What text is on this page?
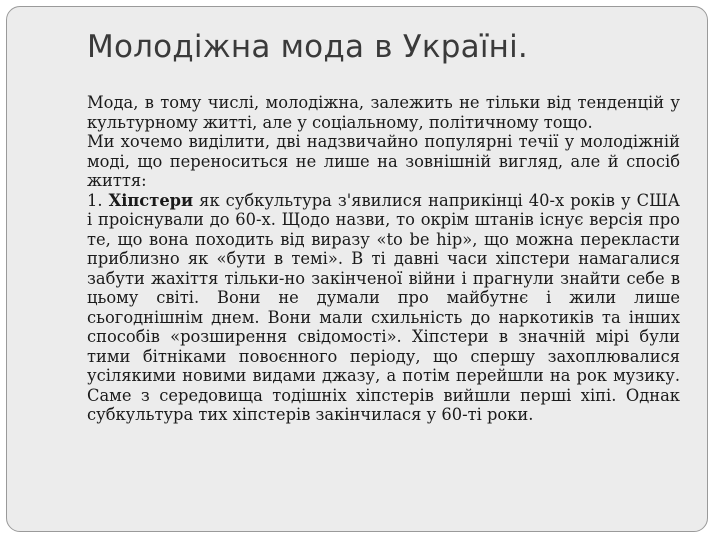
Молодіжна мода в Україні.

Мода, в тому числі, молодіжна, залежить не тільки від тенденцій у культурному житті, але у соціальному, політичному тощо.

Ми хочемо виділити, дві надзвичайно популярні течії у молодіжній моді, що переноситься не лише на зовнішній вигляд, але й спосіб життя:

1. Хіпстери як субкультура з'явилися наприкінці 40-х років у США і проіснували до 60-х. Щодо назви, то окрім штанів існує версія про те, що вона походить від виразу «to be hip», що можна перекласти приблизно як «бути в темі». В ті давні часи хіпстери намагалися забути жахіття тільки-но закінченої війни і прагнули знайти себе в цьому світі. Вони не думали про майбутнє і жили лише сьогоднішнім днем. Вони мали схильність до наркотиків та інших способів «розширення свідомості». Хіпстери в значній мірі були тими бітніками повоєнного періоду, що спершу захоплювалися усілякими новими видами джазу, а потім перейшли на рок музику. Саме з середовища тодішніх хіпстерів вийшли перші хіпі. Однак субкультура тих хіпстерів закінчилася у 60-ті роки.
